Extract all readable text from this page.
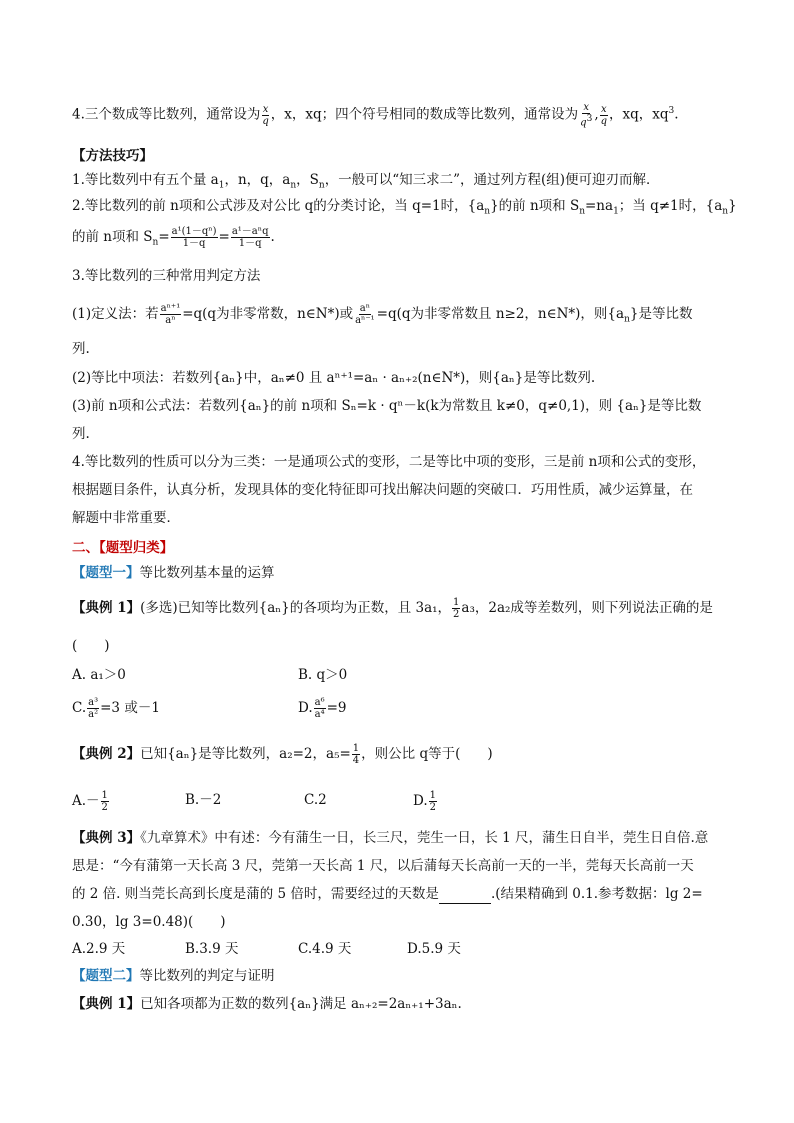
4.三个数成等比数列，通常设为 $\frac{x}{q}$ ，x，xq；四个符号相同的数成等比数列，通常设为 $\frac{x}{q^3}$ , $\frac{x}{q}$ ，xq，$xq^3$.
【方法技巧】
1.等比数列中有五个量 $a_1$，n，q，$a_n$，$S_n$，一般可以“知三求二”，通过列方程(组)便可迎刃而解．
2.等比数列的前 n项和公式涉及对公比 q的分类讨论，当 q=1时，$\{a_n\}$的前 n项和 $S_n=na_1$；当 q≠1时，$\{a_n\}$
的前 n项和 $S_n= \frac{\text{a¹(1－qⁿ)}}{1-q} = \frac{\text{a¹－aⁿq}}{1-q}$ .
3.等比数列的三种常用判定方法
(1)定义法：若 $\frac{\text{aⁿ⁺¹}}{\text{aⁿ}} =q(q$为非零常数，n∈N*)或 $\frac{\text{aⁿ}}{\text{aⁿ⁻¹}} =q(q$为非零常数且 n≥2，n∈N*)，则$\{a_n\}$是等比数
列.
(2)等比中项法：若数列{aₙ}中，aₙ≠0 且 aⁿ⁺¹=aₙ · aₙ₊₂(n∈N*)，则{aₙ}是等比数列.
(3)前 n项和公式法：若数列{aₙ}的前 n项和 Sₙ=k · qⁿ－k(k为常数且 k≠0，q≠0,1)，则 {aₙ}是等比数
列.
4.等比数列的性质可以分为三类：一是通项公式的变形，二是等比中项的变形，三是前 n项和公式的变形，
根据题目条件，认真分析，发现具体的变化特征即可找出解决问题的突破口．巧用性质，减少运算量，在
解题中非常重要．
二、【题型归类】
【题型一】等比数列基本量的运算
【典例 1】(多选)已知等比数列{aₙ}的各项均为正数，且 3a₁， $\frac{1}{2} a_3$，2a₂成等差数列，则下列说法正确的是
(　　)
A. a₁＞0	B. q＞0
C. $\frac{\text{a³}}{\text{a²}} =3$ 或－1	D. $\frac{\text{a⁶}}{\text{a⁴}} =9$
【典例 2】已知{aₙ}是等比数列，a₂=2，$a_5= \frac{1}{4}$ ，则公比 q等于(　　)
$A.- \frac{1}{2}$	B.－2	C.2	D. $\frac{1}{2}$
【典例 3】《九章算术》中有述：今有蒲生一日，长三尺，莞生一日，长 1 尺，蒲生日自半，莞生日自倍.意
思是：“今有蒲第一天长高 3 尺，莞第一天长高 1 尺，以后蒲每天长高前一天的一半，莞每天长高前一天
的 2 倍. 则当莞长高到长度是蒲的 5 倍时，需要经过的天数是	.(结果精确到 0.1.参考数据：lg 2=
0.30，lg 3=0.48)(　　)
A.2.9 天	B.3.9 天	C.4.9 天	D.5.9 天
【题型二】等比数列的判定与证明
【典例 1】已知各项都为正数的数列{aₙ}满足 aₙ₊₂=2aₙ₊₁+3aₙ.
